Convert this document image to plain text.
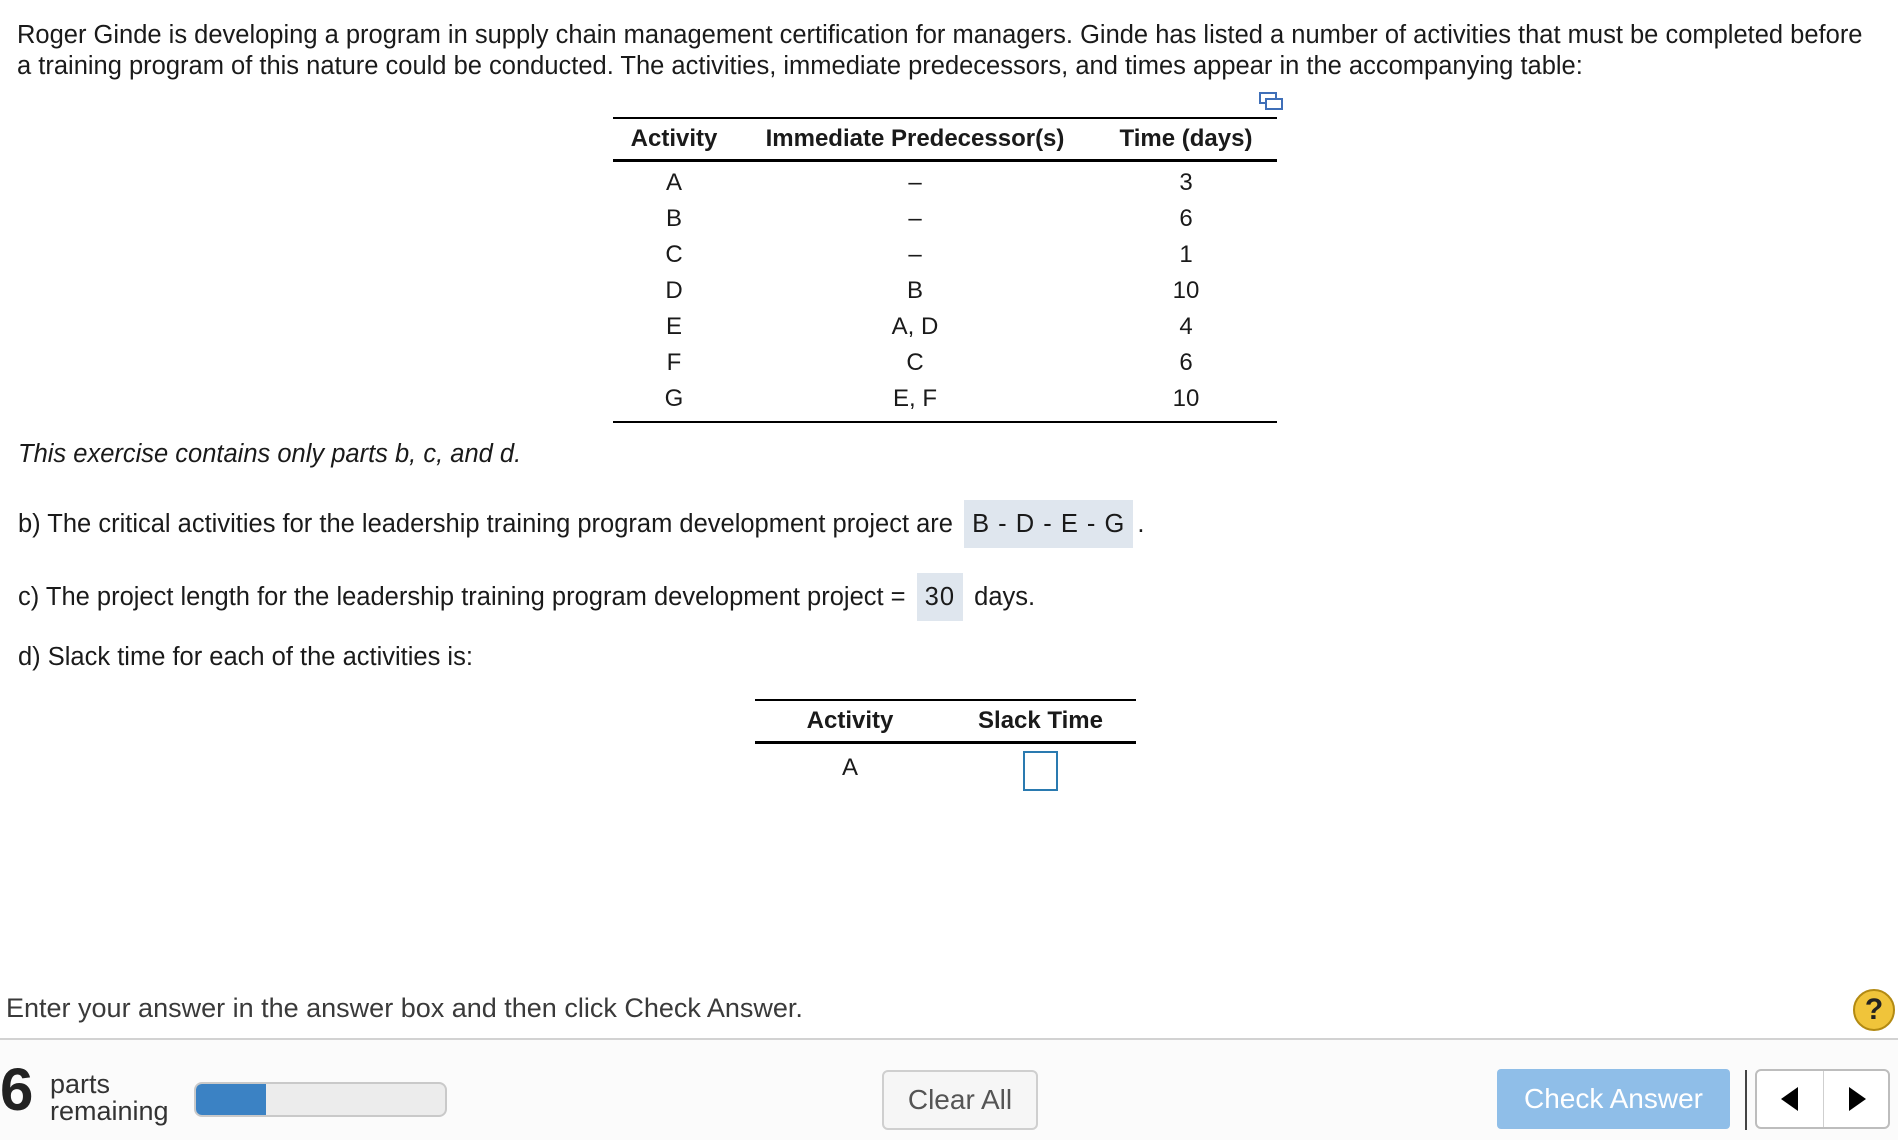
Roger Ginde is developing a program in supply chain management certification for managers. Ginde has listed a number of activities that must be completed before a training program of this nature could be conducted. The activities, immediate predecessors, and times appear in the accompanying table:
Activity	Immediate Predecessor(s)	Time (days)
A	–	3
B	–	6
C	–	1
D	B	10
E	A, D	4
F	C	6
G	E, F	10
This exercise contains only parts b, c, and d.
b) The critical activities for the leadership training program development project are B - D - E - G .
c) The project length for the leadership training program development project = 30 days.
d) Slack time for each of the activities is:
Activity	Slack Time
A	
Enter your answer in the answer box and then click Check Answer.	?
6 parts
remaining	Clear All	Check Answer
